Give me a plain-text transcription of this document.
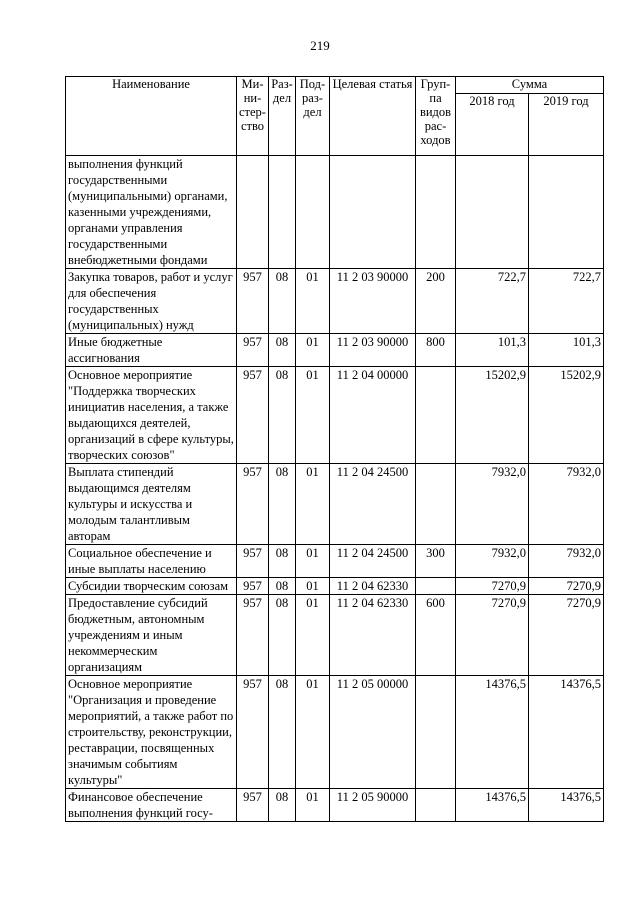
219
Наименование	Ми-ни-стер-ство	Раз-дел	Под-раз-дел	Целевая статья	Груп-па видов рас-ходов	Сумма	
						2018 год	2019 год
выполнения функций государственными (муниципальными) органами, казенными учреждениями, органами управления государственными внебюджетными фондами							
Закупка товаров, работ и услуг для обеспечения государственных (муниципальных) нужд	957	08	01	11 2 03 90000	200	722,7	722,7
Иные бюджетные ассигнования	957	08	01	11 2 03 90000	800	101,3	101,3
Основное мероприятие "Поддержка творческих инициатив населения, а также выдающихся деятелей, организаций в сфере культуры, творческих союзов"	957	08	01	11 2 04 00000		15202,9	15202,9
Выплата стипендий выдающимся деятелям культуры и искусства и молодым талантливым авторам	957	08	01	11 2 04 24500		7932,0	7932,0
Социальное обеспечение и иные выплаты населению	957	08	01	11 2 04 24500	300	7932,0	7932,0
Субсидии творческим союзам	957	08	01	11 2 04 62330		7270,9	7270,9
Предоставление субсидий бюджетным, автономным учреждениям и иным некоммерческим организациям	957	08	01	11 2 04 62330	600	7270,9	7270,9
Основное мероприятие "Организация и проведение мероприятий, а также работ по строительству, реконструкции, реставрации, посвященных значимым событиям культуры"	957	08	01	11 2 05 00000		14376,5	14376,5
Финансовое обеспечение выполнения функций госу-	957	08	01	11 2 05 90000		14376,5	14376,5
